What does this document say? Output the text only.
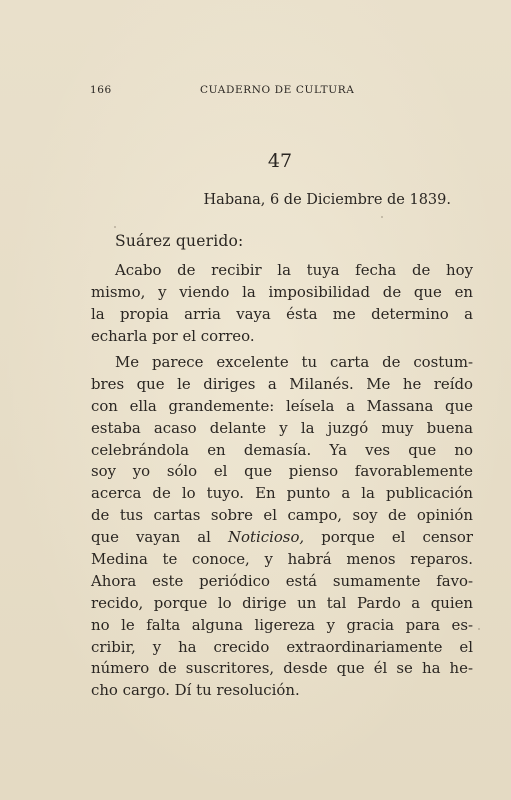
166	CUADERNO DE CULTURA
47
Habana, 6 de Diciembre de 1839.
Suárez querido:
Acabo de recibir la tuya fecha de hoy
mismo, y viendo la imposibilidad de que en
la propia arria vaya ésta me determino a
echarla por el correo.
Me parece excelente tu carta de costum-
bres que le diriges a Milanés. Me he reído
con ella grandemente: leísela a Massana que
estaba acaso delante y la juzgó muy buena
celebrándola en demasía. Ya ves que no
soy yo sólo el que pienso favorablemente
acerca de lo tuyo. En punto a la publicación
de tus cartas sobre el campo, soy de opinión
que vayan al Noticioso, porque el censor
Medina te conoce, y habrá menos reparos.
Ahora este periódico está sumamente favo-
recido, porque lo dirige un tal Pardo a quien
no le falta alguna ligereza y gracia para es-
cribir, y ha crecido extraordinariamente el
número de suscritores, desde que él se ha he-
cho cargo. Dí tu resolución.
